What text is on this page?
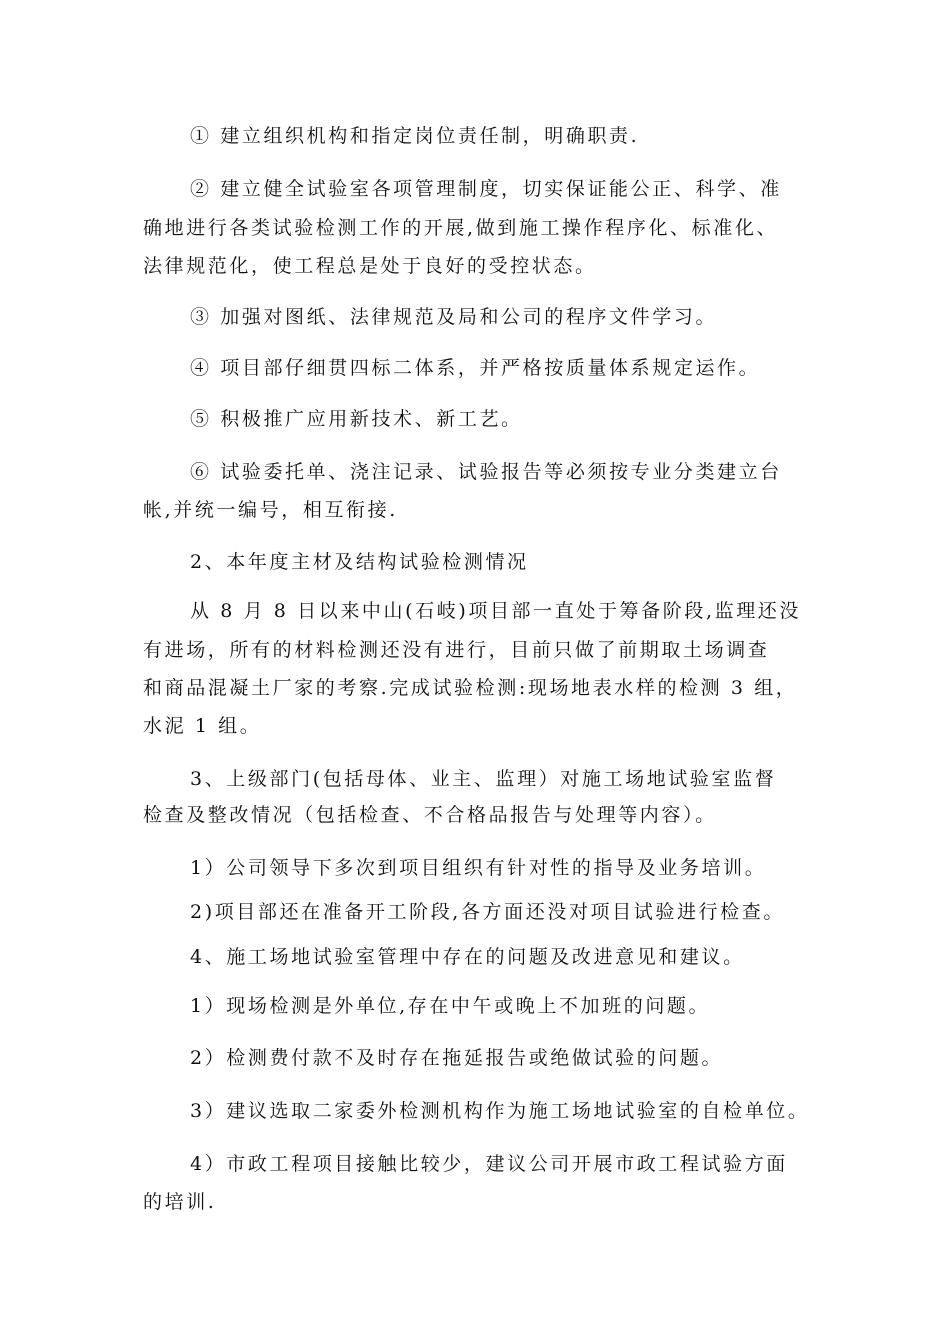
① 建立组织机构和指定岗位责任制，明确职责.
② 建立健全试验室各项管理制度，切实保证能公正、科学、准
确地进行各类试验检测工作的开展,做到施工操作程序化、标准化、
法律规范化，使工程总是处于良好的受控状态。
③ 加强对图纸、法律规范及局和公司的程序文件学习。
④ 项目部仔细贯四标二体系，并严格按质量体系规定运作。
⑤ 积极推广应用新技术、新工艺。
⑥ 试验委托单、浇注记录、试验报告等必须按专业分类建立台
帐,并统一编号，相互衔接.
2、本年度主材及结构试验检测情况
从 8 月 8 日以来中山(石岐)项目部一直处于筹备阶段,监理还没
有进场，所有的材料检测还没有进行，目前只做了前期取土场调查
和商品混凝土厂家的考察.完成试验检测:现场地表水样的检测 3 组，
水泥 1 组。
3、上级部门(包括母体、业主、监理）对施工场地试验室监督
检查及整改情况（包括检查、不合格品报告与处理等内容）。
1）公司领导下多次到项目组织有针对性的指导及业务培训。
2)项目部还在准备开工阶段,各方面还没对项目试验进行检查。
4、施工场地试验室管理中存在的问题及改进意见和建议。
1）现场检测是外单位,存在中午或晚上不加班的问题。
2）检测费付款不及时存在拖延报告或绝做试验的问题。
3）建议选取二家委外检测机构作为施工场地试验室的自检单位。
4）市政工程项目接触比较少，建议公司开展市政工程试验方面
的培训.
